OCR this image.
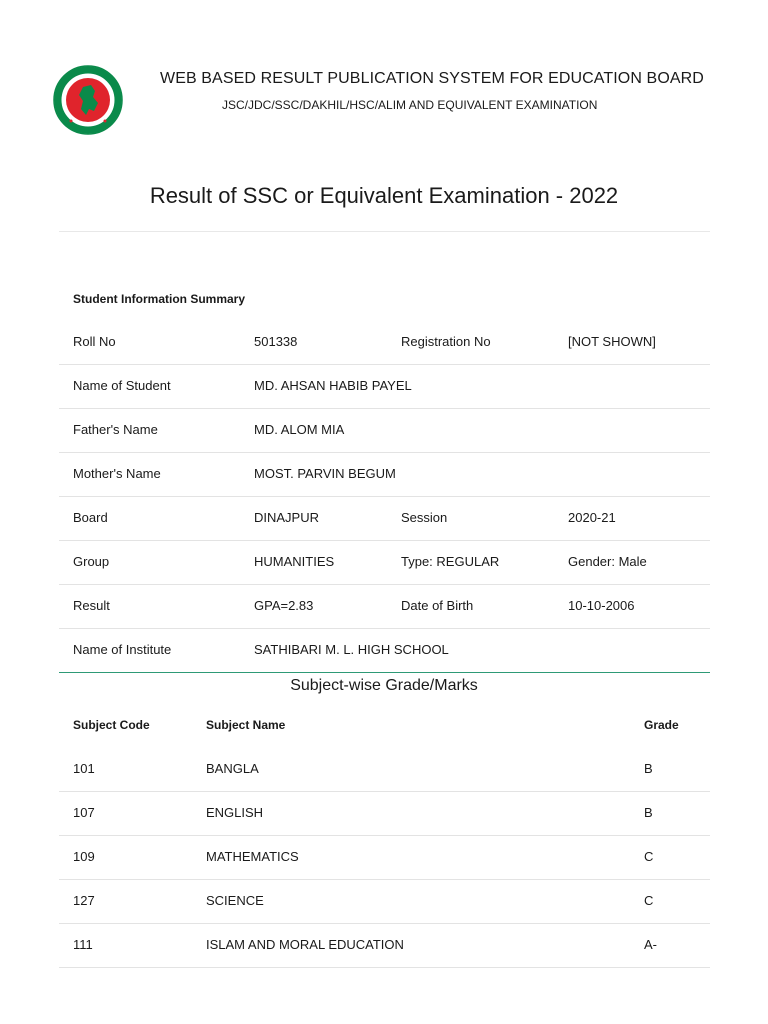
WEB BASED RESULT PUBLICATION SYSTEM FOR EDUCATION BOARD
JSC/JDC/SSC/DAKHIL/HSC/ALIM AND EQUIVALENT EXAMINATION
Result of SSC or Equivalent Examination - 2022
Student Information Summary
Roll No	501338	Registration No	[NOT SHOWN]
Name of Student	MD. AHSAN HABIB PAYEL
Father's Name	MD. ALOM MIA
Mother's Name	MOST. PARVIN BEGUM
Board	DINAJPUR	Session	2020-21
Group	HUMANITIES	Type: REGULAR	Gender: Male
Result	GPA=2.83	Date of Birth	10-10-2006
Name of Institute	SATHIBARI M. L. HIGH SCHOOL
Subject-wise Grade/Marks
Subject Code	Subject Name	Grade
101	BANGLA	B
107	ENGLISH	B
109	MATHEMATICS	C
127	SCIENCE	C
111	ISLAM AND MORAL EDUCATION	A-
